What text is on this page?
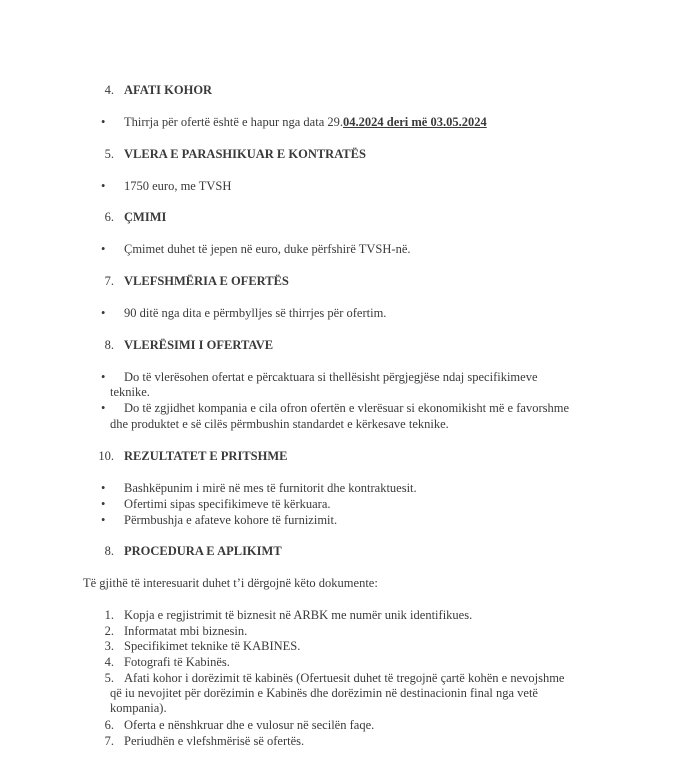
4. AFATI KOHOR
•	Thirrja për ofertë është e hapur nga data 29.04.2024 deri më 03.05.2024
5. VLERA E PARASHIKUAR E KONTRATËS
•	1750 euro, me TVSH
6. ÇMIMI
•	Çmimet duhet të jepen në euro, duke përfshirë TVSH-në.
7. VLEFSHMËRIA E OFERTËS
•	90 ditë nga dita e përmbylljes së thirrjes për ofertim.
8. VLERËSIMI I OFERTAVE
•	Do të vlerësohen ofertat e përcaktuara si thellësisht përgjegjëse ndaj specifikimeve
teknike.
•	Do të zgjidhet kompania e cila ofron ofertën e vlerësuar si ekonomikisht më e favorshme
dhe produktet e së cilës përmbushin standardet e kërkesave teknike.
10. REZULTATET E PRITSHME
•	Bashkëpunim i mirë në mes të furnitorit dhe kontraktuesit.
•	Ofertimi sipas specifikimeve të kërkuara.
•	Përmbushja e afateve kohore të furnizimit.
8. PROCEDURA E APLIKIMT
Të gjithë të interesuarit duhet t’i dërgojnë këto dokumente:
1. Kopja e regjistrimit të biznesit në ARBK me numër unik identifikues.
2. Informatat mbi biznesin.
3. Specifikimet teknike të KABINES.
4. Fotografi të Kabinës.
5. Afati kohor i dorëzimit të kabinës (Ofertuesit duhet të tregojnë çartë kohën e nevojshme
që iu nevojitet për dorëzimin e Kabinës dhe dorëzimin në destinacionin final nga vetë
kompania).
6. Oferta e nënshkruar dhe e vulosur në secilën faqe.
7. Periudhën e vlefshmërisë së ofertës.
